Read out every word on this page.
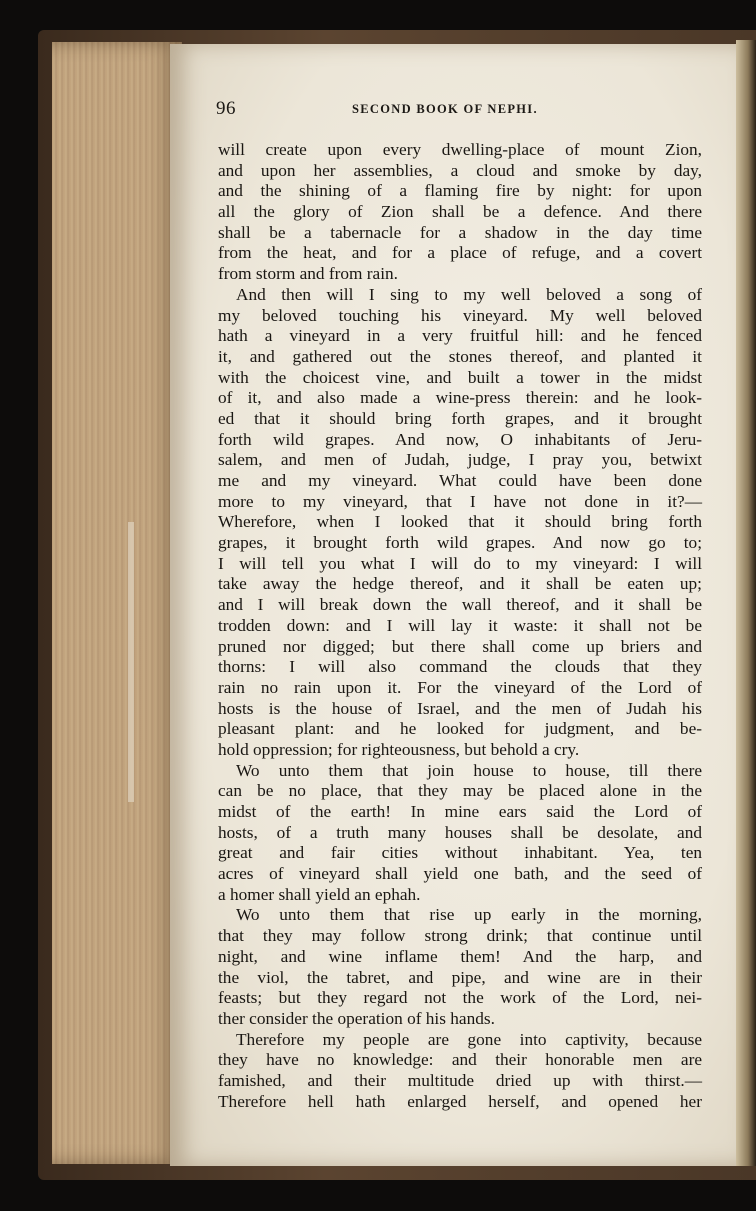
96	SECOND BOOK OF NEPHI.
will create upon every dwelling-place of mount Zion,
and upon her assemblies, a cloud and smoke by day,
and the shining of a flaming fire by night: for upon
all the glory of Zion shall be a defence. And there
shall be a tabernacle for a shadow in the day time
from the heat, and for a place of refuge, and a covert
from storm and from rain.
And then will I sing to my well beloved a song of
my beloved touching his vineyard. My well beloved
hath a vineyard in a very fruitful hill: and he fenced
it, and gathered out the stones thereof, and planted it
with the choicest vine, and built a tower in the midst
of it, and also made a wine-press therein: and he look-
ed that it should bring forth grapes, and it brought
forth wild grapes. And now, O inhabitants of Jeru-
salem, and men of Judah, judge, I pray you, betwixt
me and my vineyard. What could have been done
more to my vineyard, that I have not done in it?—
Wherefore, when I looked that it should bring forth
grapes, it brought forth wild grapes. And now go to;
I will tell you what I will do to my vineyard: I will
take away the hedge thereof, and it shall be eaten up;
and I will break down the wall thereof, and it shall be
trodden down: and I will lay it waste: it shall not be
pruned nor digged; but there shall come up briers and
thorns: I will also command the clouds that they
rain no rain upon it. For the vineyard of the Lord of
hosts is the house of Israel, and the men of Judah his
pleasant plant: and he looked for judgment, and be-
hold oppression; for righteousness, but behold a cry.
Wo unto them that join house to house, till there
can be no place, that they may be placed alone in the
midst of the earth! In mine ears said the Lord of
hosts, of a truth many houses shall be desolate, and
great and fair cities without inhabitant. Yea, ten
acres of vineyard shall yield one bath, and the seed of
a homer shall yield an ephah.
Wo unto them that rise up early in the morning,
that they may follow strong drink; that continue until
night, and wine inflame them! And the harp, and
the viol, the tabret, and pipe, and wine are in their
feasts; but they regard not the work of the Lord, nei-
ther consider the operation of his hands.
Therefore my people are gone into captivity, because
they have no knowledge: and their honorable men are
famished, and their multitude dried up with thirst.—
Therefore hell hath enlarged herself, and opened her
